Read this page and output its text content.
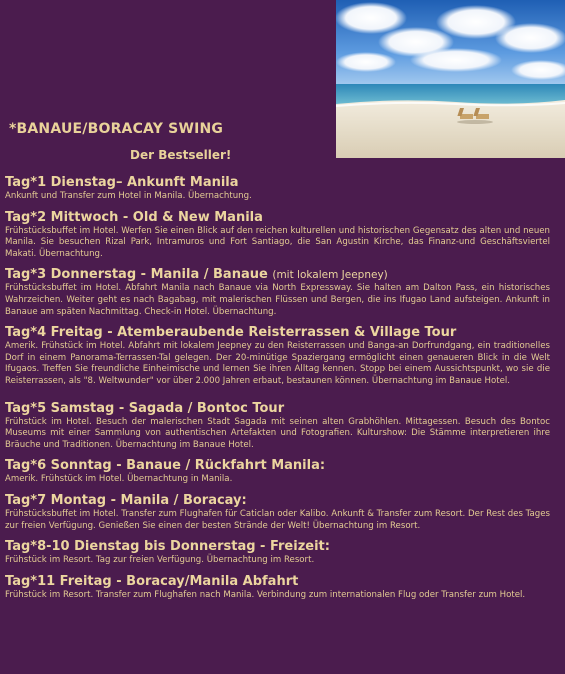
*BANAUE/BORACAY SWING
Der Bestseller!
Tag*1 Dienstag– Ankunft Manila
Ankunft und Transfer zum Hotel in Manila. Übernachtung.
Tag*2 Mittwoch - Old & New Manila
Frühstücksbuffet im Hotel. Werfen Sie einen Blick auf den reichen kulturellen und historischen Gegensatz des alten und neuen Manila. Sie besuchen Rizal Park, Intramuros und Fort Santiago, die San Agustin Kirche, das Finanz-und Geschäftsviertel Makati. Übernachtung.
Tag*3 Donnerstag - Manila / Banaue (mit lokalem Jeepney)
Frühstücksbuffet im Hotel. Abfahrt Manila nach Banaue via North Expressway. Sie halten am Dalton Pass, ein historisches Wahrzeichen. Weiter geht es nach Bagabag, mit malerischen Flüssen und Bergen, die ins Ifugao Land aufsteigen. Ankunft in Banaue am späten Nachmittag. Check-in Hotel. Übernachtung.
Tag*4 Freitag - Atemberaubende Reisterrassen & Village Tour
Amerik. Frühstück im Hotel. Abfahrt mit lokalem Jeepney zu den Reisterrassen und Banga-an Dorfrundgang, ein traditionelles Dorf in einem Panorama-Terrassen-Tal gelegen. Der 20-minütige Spaziergang ermöglicht einen genaueren Blick in die Welt Ifugaos. Treffen Sie freundliche Einheimische und lernen Sie ihren Alltag kennen. Stopp bei einem Aussichtspunkt, wo sie die Reisterrassen, als "8. Weltwunder" vor über 2.000 Jahren erbaut, bestaunen können. Übernachtung im Banaue Hotel.
Tag*5 Samstag - Sagada / Bontoc Tour
Frühstück im Hotel. Besuch der malerischen Stadt Sagada mit seinen alten Grabhöhlen. Mittagessen. Besuch des Bontoc Museums mit einer Sammlung von authentischen Artefakten und Fotografien. Kulturshow: Die Stämme interpretieren ihre Bräuche und Traditionen. Übernachtung im Banaue Hotel.
Tag*6 Sonntag - Banaue / Rückfahrt Manila:
Amerik. Frühstück im Hotel. Übernachtung in Manila.
Tag*7 Montag - Manila / Boracay:
Frühstücksbuffet im Hotel. Transfer zum Flughafen für Caticlan oder Kalibo. Ankunft & Transfer zum Resort. Der Rest des Tages zur freien Verfügung. Genießen Sie einen der besten Strände der Welt! Übernachtung im Resort.
Tag*8-10 Dienstag bis Donnerstag - Freizeit:
Frühstück im Resort. Tag zur freien Verfügung. Übernachtung im Resort.
Tag*11 Freitag - Boracay/Manila Abfahrt
Frühstück im Resort. Transfer zum Flughafen nach Manila. Verbindung zum internationalen Flug oder Transfer zum Hotel.
